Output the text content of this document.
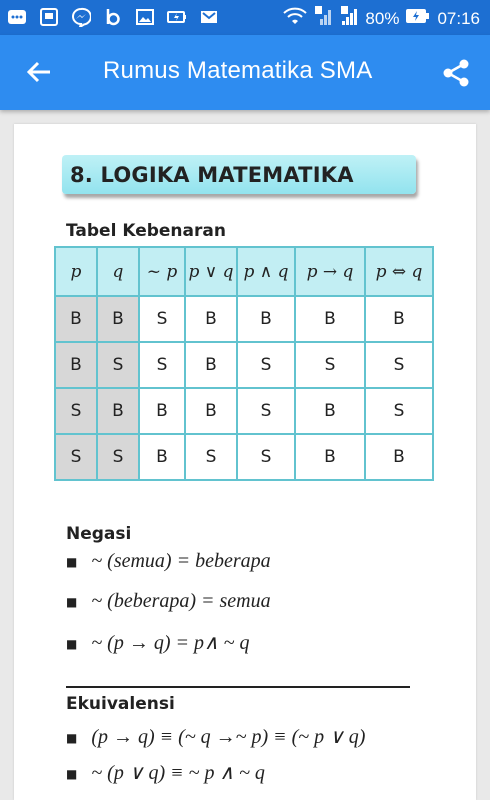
80% 07:16
Rumus Matematika SMA
8. LOGIKA MATEMATIKA
Tabel Kebenaran
p	q	~ p	p ∨ q	p ∧ q	p → q	p ⇔ q
B	B	S	B	B	B	B
B	S	S	B	S	S	S
S	B	B	B	S	B	S
S	S	B	S	S	B	B
Negasi
■ ~ (semua) = beberapa
■ ~ (beberapa) = semua
■ ~ (p → q) = p∧ ~ q
Ekuivalensi
■ (p → q) ≡ (~ q →~ p) ≡ (~ p ∨ q)
■ ~ (p ∨ q) ≡ ~ p ∧ ~ q
